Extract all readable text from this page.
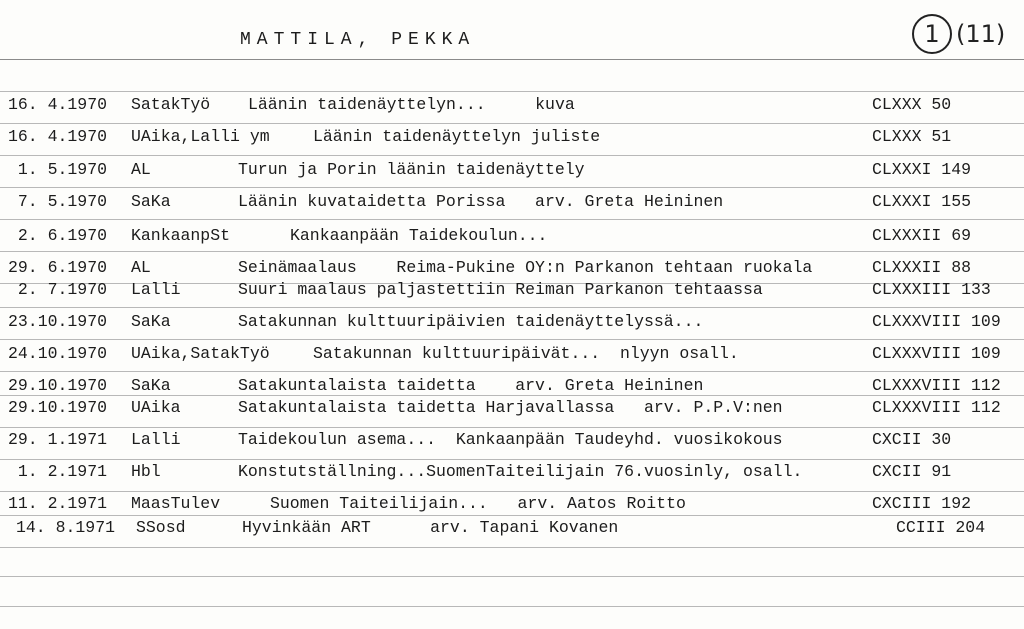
MATTILA, PEKKA	1 (11)
16. 4.1970 SatakTyö Läänin taidenäyttelyn...     kuva	CLXXX 50
16. 4.1970 UAika,Lalli ym	Läänin taidenäyttelyn juliste	CLXXX 51
1. 5.1970 AL	Turun ja Porin läänin taidenäyttely	CLXXXI 149
7. 5.1970 SaKa	Läänin kuvataidetta Porissa   arv. Greta Heininen	CLXXXI 155
2. 6.1970 KankaanpSt	Kankaanpään Taidekoulun...	CLXXXII 69
29. 6.1970 AL	Seinämaalaus    Reima-Pukine OY:n Parkanon tehtaan ruokala	CLXXXII 88
2. 7.1970 Lalli	Suuri maalaus paljastettiin Reiman Parkanon tehtaassa	CLXXXIII 133
23.10.1970 SaKa	Satakunnan kulttuuripäivien taidenäyttelyssä...	CLXXXVIII 109
24.10.1970 UAika,SatakTyö	Satakunnan kulttuuripäivät...  nlyyn osall.	CLXXXVIII 109
29.10.1970 SaKa	Satakuntalaista taidetta    arv. Greta Heininen	CLXXXVIII 112
29.10.1970 UAika	Satakuntalaista taidetta Harjavallassa   arv. P.P.V:nen	CLXXXVIII 112
29. 1.1971 Lalli	Taidekoulun asema...  Kankaanpään Taudeyhd. vuosikokous	CXCII 30
1. 2.1971 Hbl	Konstutställning...SuomenTaiteilijain 76.vuosinly, osall.	CXCII 91
11. 2.1971 MaasTulev	Suomen Taiteilijain...   arv. Aatos Roitto	CXCIII 192
14. 8.1971 SSosd	Hyvinkään ART      arv. Tapani Kovanen	CCIII 204
